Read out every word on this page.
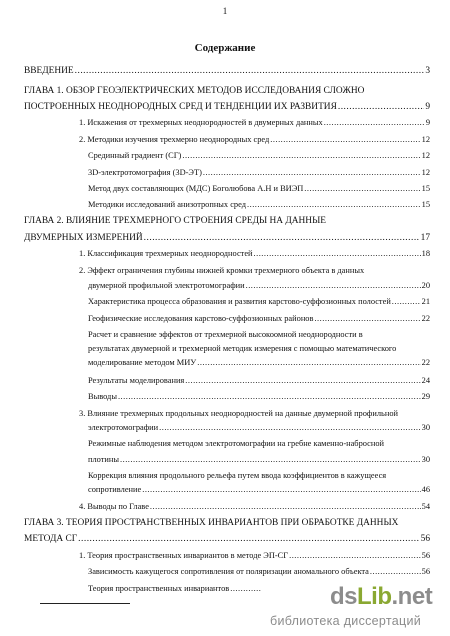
1
Содержание
ВВЕДЕНИЕ .....	3
ГЛАВА 1. ОБЗОР ГЕОЭЛЕКТРИЧЕСКИХ МЕТОДОВ ИССЛЕДОВАНИЯ СЛОЖНО
ПОСТРОЕННЫХ НЕОДНОРОДНЫХ СРЕД И ТЕНДЕНЦИИ ИХ РАЗВИТИЯ .....	9
1. Искажения от трехмерных неоднородностей в двумерных данных .....	9
2. Методики изучения трехмерно неоднородных сред .....	12
Срединный градиент (СГ) .....	12
3D-электротомография (3D-ЭТ) .....	12
Метод двух составляющих (МДС) Боголюбова А.Н и ВИЭП .....	15
Методики исследований анизотропных сред .....	15
ГЛАВА 2. ВЛИЯНИЕ ТРЕХМЕРНОГО СТРОЕНИЯ СРЕДЫ НА ДАННЫЕ
ДВУМЕРНЫХ ИЗМЕРЕНИЙ .....	17
1. Классификация трехмерных неоднородностей .....	18
2. Эффект ограничения глубины нижней кромки трехмерного объекта в данных
двумерной профильной электротомографии .....	20
Характеристика процесса образования и развития карстово-суффозионных полостей .....	21
Геофизические исследования карстово-суффозионных районов .....	22
Расчет и сравнение эффектов от трехмерной высокоомной неоднородности в
результатах двумерной и трехмерной методик измерения с помощью математического
моделирование методом МИУ .....	22
Результаты моделирования .....	24
Выводы .....	29
3. Влияние трехмерных продольных неоднородностей на данные двумерной профильной
электротомографии .....	30
Режимные наблюдения методом электротомографии на гребне каменно-набросной
плотины .....	30
Коррекция влияния продольного рельефа путем ввода коэффициентов в кажущееся
сопротивление .....	46
4. Выводы по Главе .....	54
ГЛАВА 3. ТЕОРИЯ ПРОСТРАНСТВЕННЫХ ИНВАРИАНТОВ ПРИ ОБРАБОТКЕ ДАННЫХ
МЕТОДА СГ .....	56
1. Теория пространственных инвариантов в методе ЭП-СГ .....	56
Зависимость кажущегося сопротивления от поляризации аномального объекта .....	56
Теория пространственных инвариантов .....	dsLib.net
библиотека диссертаций
